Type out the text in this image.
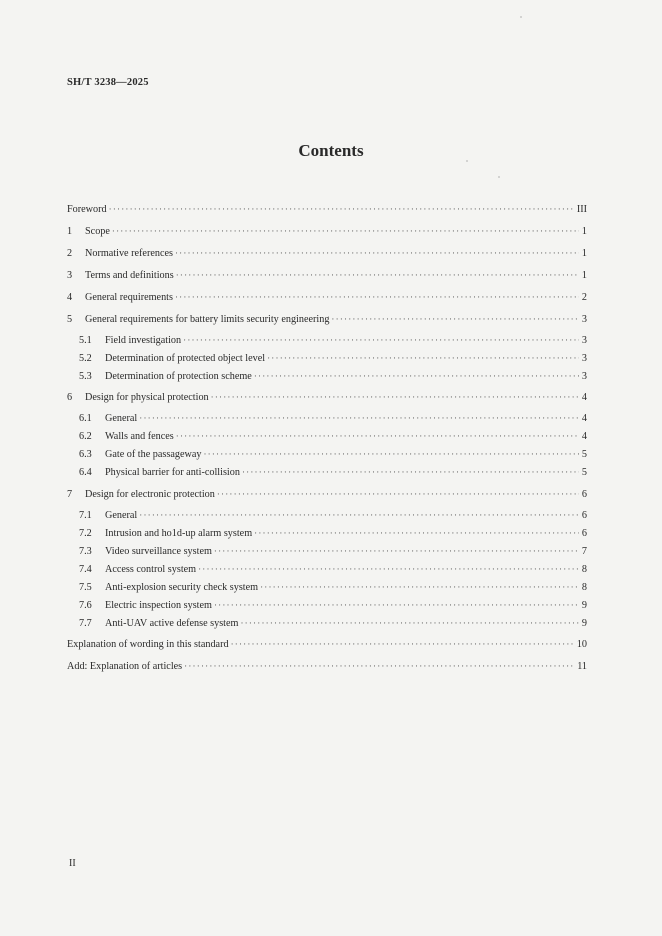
SH/T 3238—2025
Contents
Foreword ·····	III
1	Scope ·····	1
2	Normative references ·····	1
3	Terms and definitions ·····	1
4	General requirements ·····	2
5	General requirements for battery limits security engineering ·····	3
5.1	Field investigation ·····	3
5.2	Determination of protected object level ·····	3
5.3	Determination of protection scheme ·····	3
6	Design for physical protection ·····	4
6.1	General ·····	4
6.2	Walls and fences ·····	4
6.3	Gate of the passageway ·····	5
6.4	Physical barrier for anti-collision ·····	5
7	Design for electronic protection ·····	6
7.1	General ·····	6
7.2	Intrusion and ho1d-up alarm system ·····	6
7.3	Video surveillance system ·····	7
7.4	Access control system ·····	8
7.5	Anti-explosion security check system ·····	8
7.6	Electric inspection system ·····	9
7.7	Anti-UAV active defense system ·····	9
Explanation of wording in this standard ·····	10
Add: Explanation of articles ·····	11
II
